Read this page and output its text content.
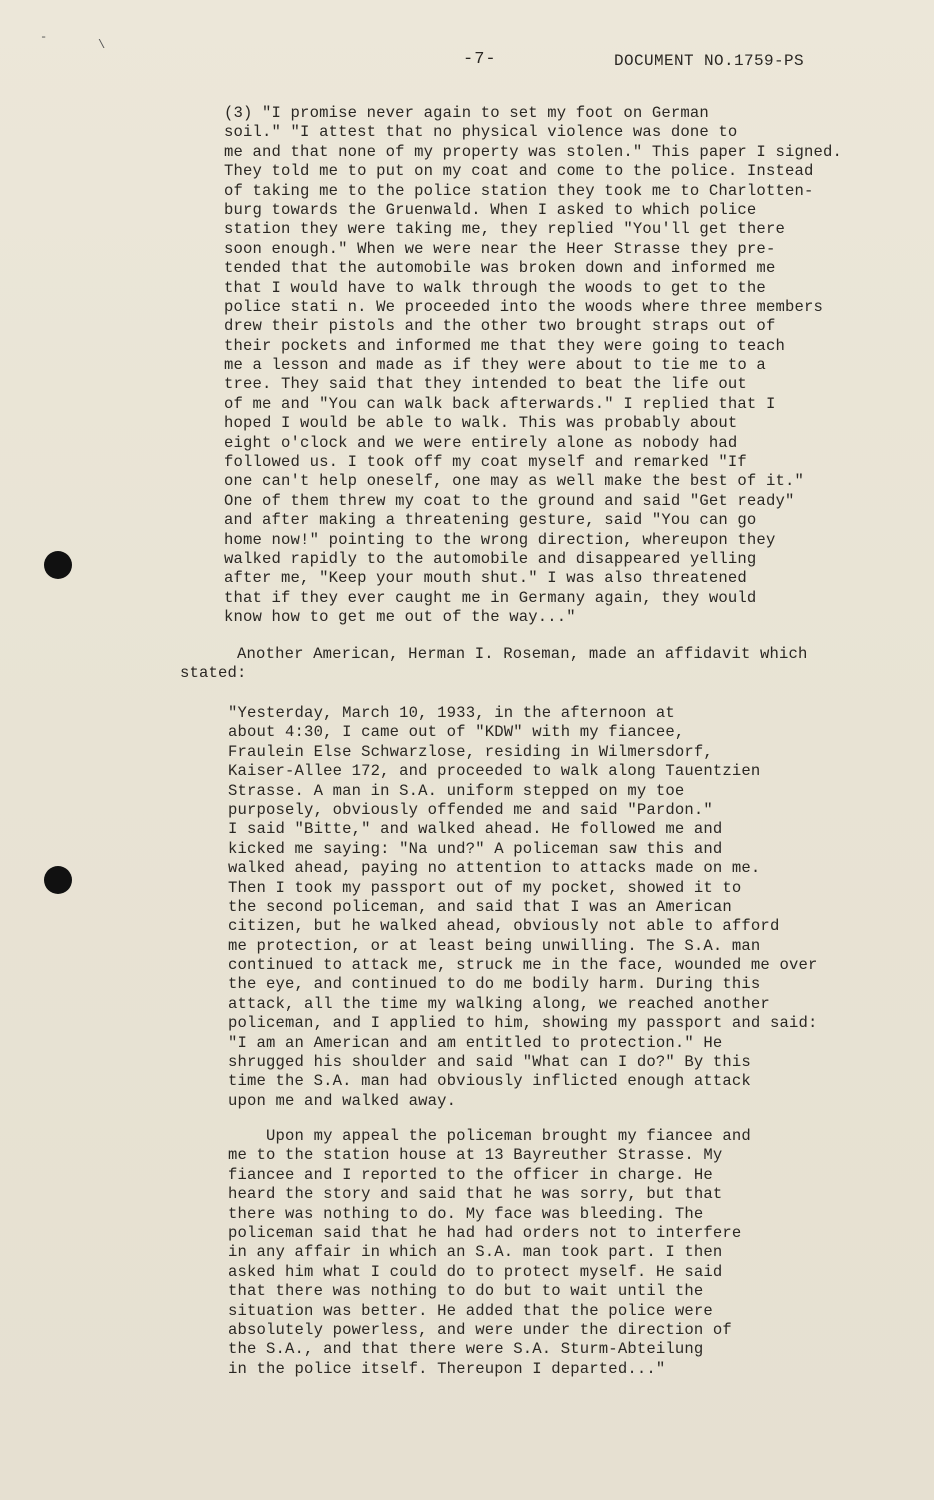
-
\
-7-	DOCUMENT NO.1759-PS
(3) "I promise never again to set my foot on German
soil." "I attest that no physical violence was done to
me and that none of my property was stolen." This paper I signed.
They told me to put on my coat and come to the police. Instead
of taking me to the police station they took me to Charlotten-
burg towards the Gruenwald. When I asked to which police
station they were taking me, they replied "You'll get there
soon enough." When we were near the Heer Strasse they pre-
tended that the automobile was broken down and informed me
that I would have to walk through the woods to get to the
police stati n. We proceeded into the woods where three members
drew their pistols and the other two brought straps out of
their pockets and informed me that they were going to teach
me a lesson and made as if they were about to tie me to a
tree. They said that they intended to beat the life out
of me and "You can walk back afterwards." I replied that I
hoped I would be able to walk. This was probably about
eight o'clock and we were entirely alone as nobody had
followed us. I took off my coat myself and remarked "If
one can't help oneself, one may as well make the best of it."
One of them threw my coat to the ground and said "Get ready"
and after making a threatening gesture, said "You can go
home now!" pointing to the wrong direction, whereupon they
walked rapidly to the automobile and disappeared yelling
after me, "Keep your mouth shut." I was also threatened
that if they ever caught me in Germany again, they would
know how to get me out of the way..."
Another American, Herman I. Roseman, made an affidavit which
stated:
"Yesterday, March 10, 1933, in the afternoon at
about 4:30, I came out of "KDW" with my fiancee,
Fraulein Else Schwarzlose, residing in Wilmersdorf,
Kaiser-Allee 172, and proceeded to walk along Tauentzien
Strasse. A man in S.A. uniform stepped on my toe
purposely, obviously offended me and said "Pardon."
I said "Bitte," and walked ahead. He followed me and
kicked me saying: "Na und?" A policeman saw this and
walked ahead, paying no attention to attacks made on me.
Then I took my passport out of my pocket, showed it to
the second policeman, and said that I was an American
citizen, but he walked ahead, obviously not able to afford
me protection, or at least being unwilling. The S.A. man
continued to attack me, struck me in the face, wounded me over
the eye, and continued to do me bodily harm. During this
attack, all the time my walking along, we reached another
policeman, and I applied to him, showing my passport and said:
"I am an American and am entitled to protection." He
shrugged his shoulder and said "What can I do?" By this
time the S.A. man had obviously inflicted enough attack
upon me and walked away.
Upon my appeal the policeman brought my fiancee and
me to the station house at 13 Bayreuther Strasse. My
fiancee and I reported to the officer in charge. He
heard the story and said that he was sorry, but that
there was nothing to do. My face was bleeding. The
policeman said that he had had orders not to interfere
in any affair in which an S.A. man took part. I then
asked him what I could do to protect myself. He said
that there was nothing to do but to wait until the
situation was better. He added that the police were
absolutely powerless, and were under the direction of
the S.A., and that there were S.A. Sturm-Abteilung
in the police itself. Thereupon I departed..."
